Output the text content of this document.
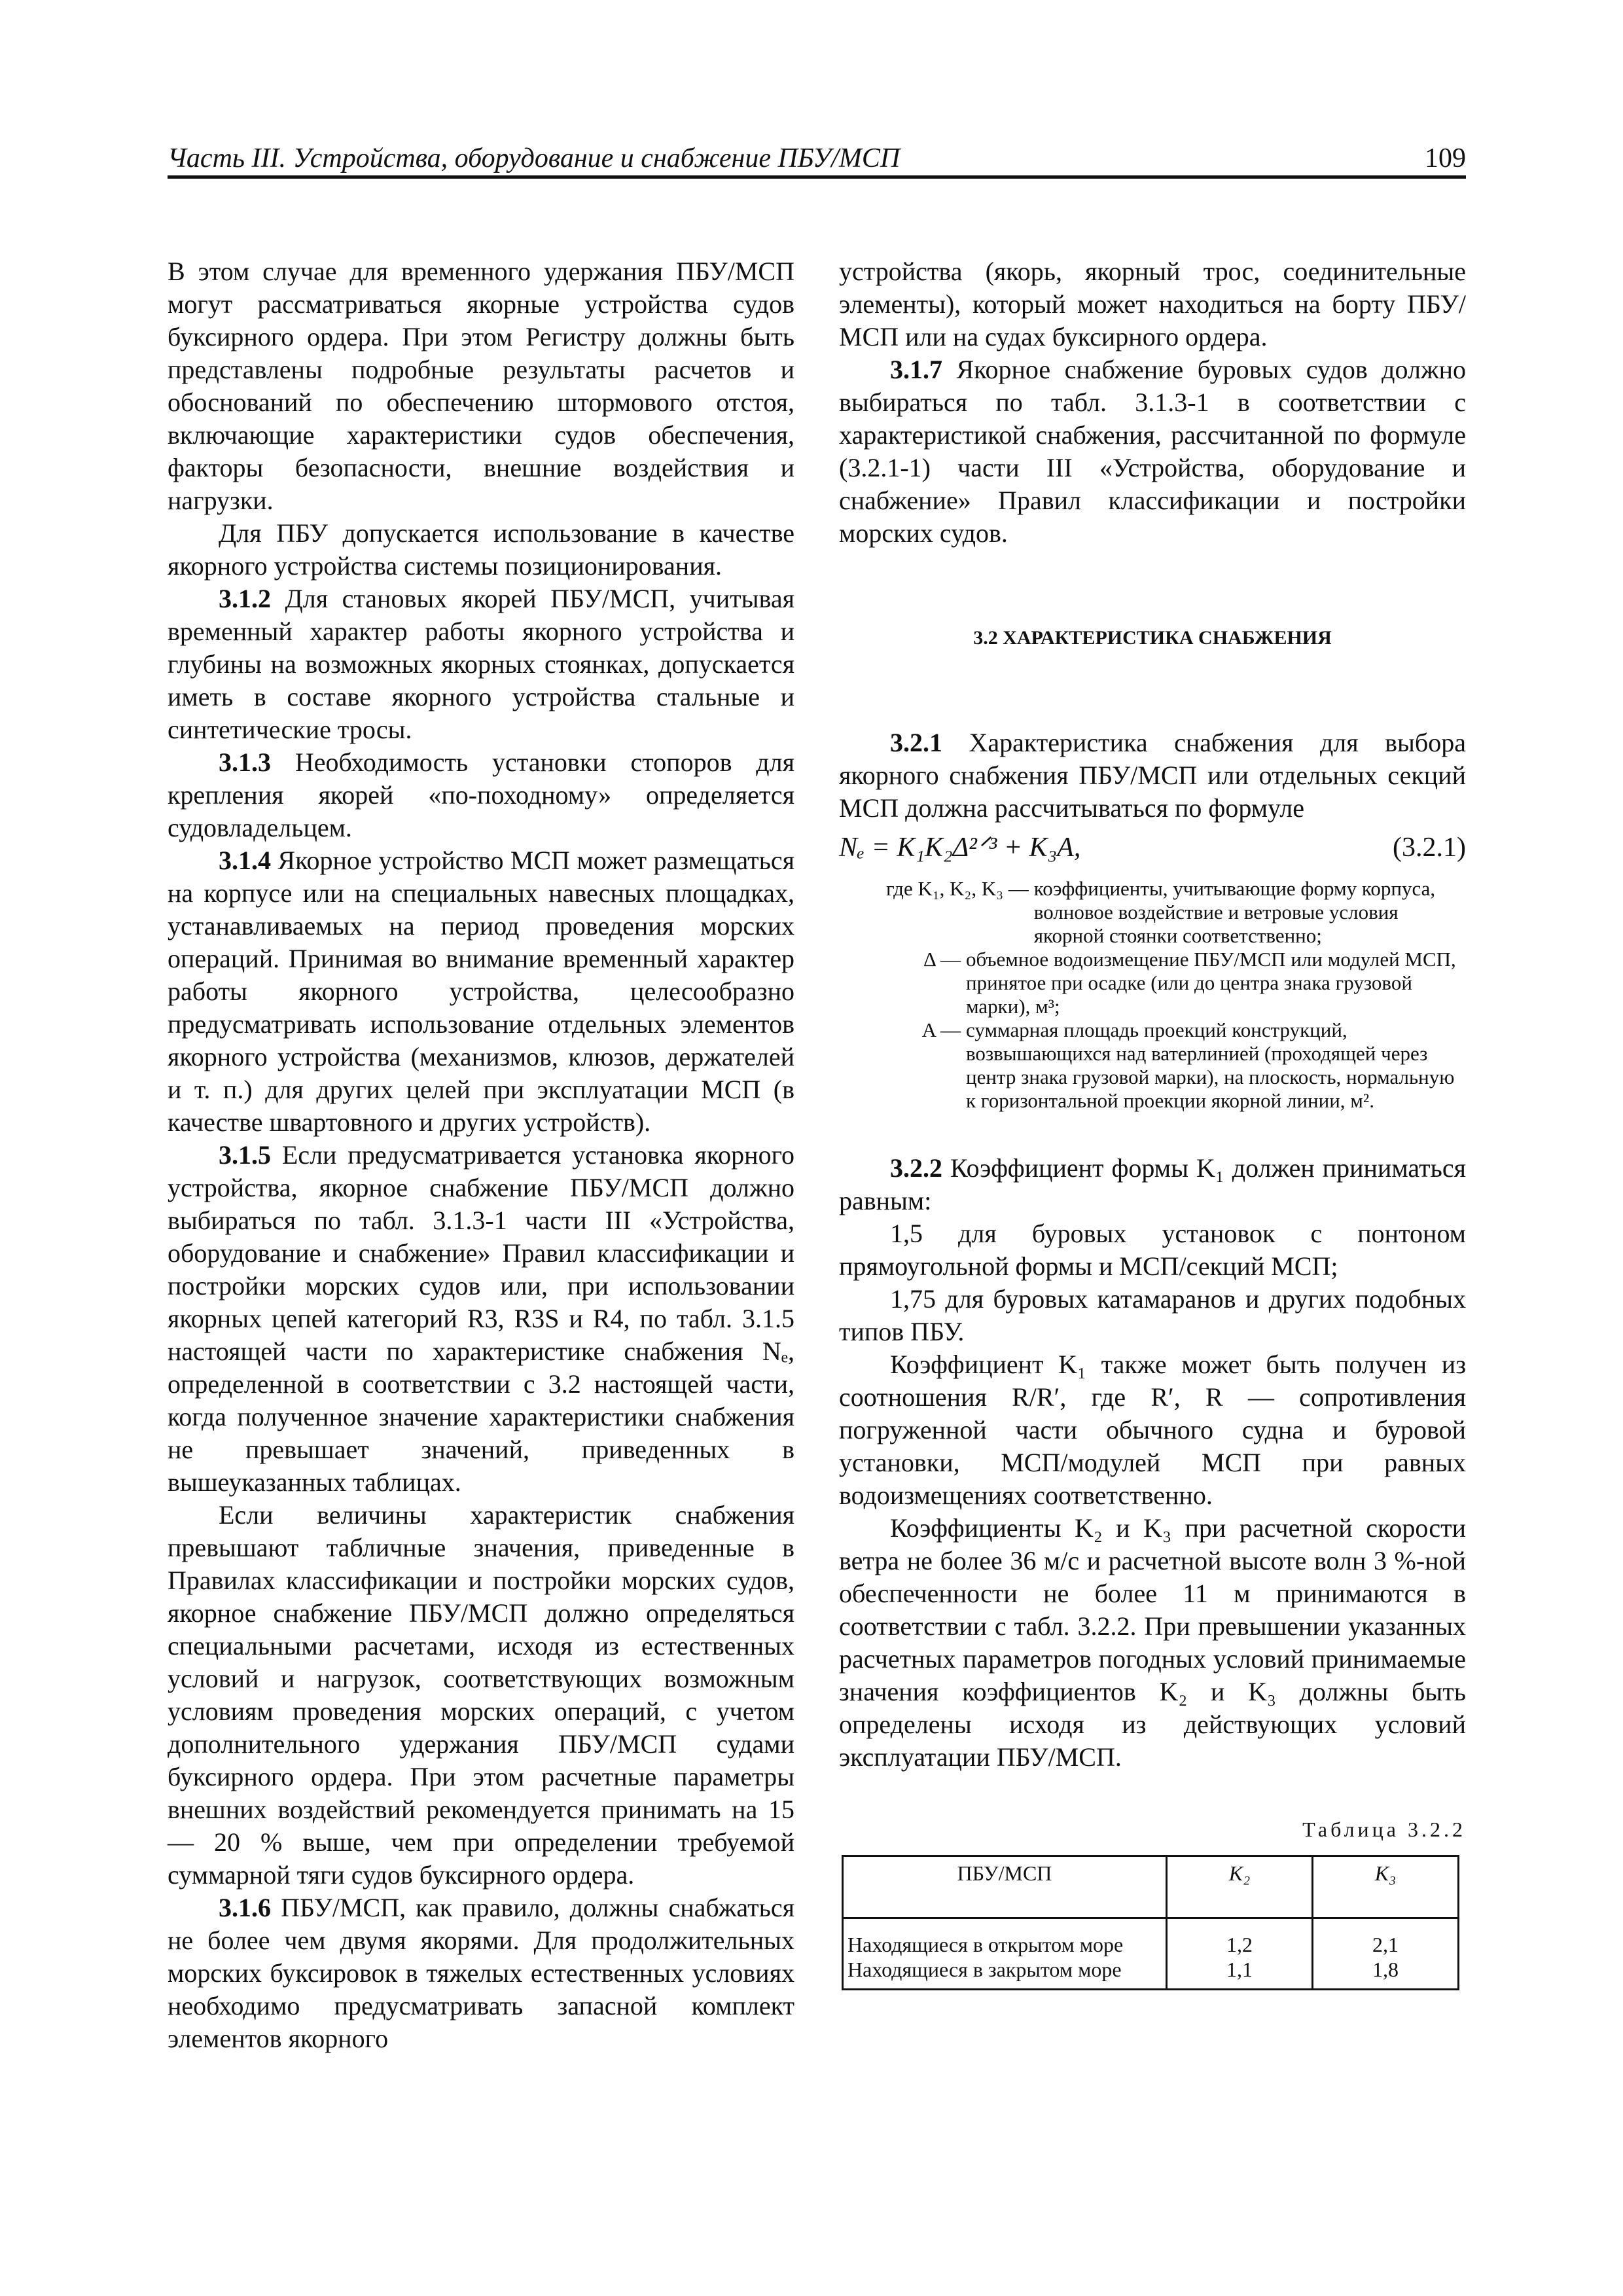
Часть III. Устройства, оборудование и снабжение ПБУ/МСП	109

В этом случае для временного удержания ПБУ/МСП могут рассматриваться якорные устройства судов буксирного ордера. При этом Регистру должны быть представлены подробные результаты расчетов и обоснований по обеспечению штормового отстоя, включающие характеристики судов обеспечения, факторы безопасности, внешние воздействия и нагрузки.

Для ПБУ допускается использование в качестве якорного устройства системы позиционирования.

3.1.2 Для становых якорей ПБУ/МСП, учитывая временный характер работы якорного устройства и глубины на возможных якорных стоянках, допускается иметь в составе якорного устройства стальные и синтетические тросы.

3.1.3 Необходимость установки стопоров для крепления якорей «по-походному» определяется судовладельцем.

3.1.4 Якорное устройство МСП может размещаться на корпусе или на специальных навесных площадках, устанавливаемых на период проведения морских операций. Принимая во внимание временный характер работы якорного устройства, целесообразно предусматривать использование отдельных элементов якорного устройства (механизмов, клюзов, держателей и т. п.) для других целей при эксплуатации МСП (в качестве швартовного и других устройств).

3.1.5 Если предусматривается установка якорного устройства, якорное снабжение ПБУ/МСП должно выбираться по табл. 3.1.3-1 части III «Устройства, оборудование и снабжение» Правил классификации и постройки морских судов или, при использовании якорных цепей категорий R3, R3S и R4, по табл. 3.1.5 настоящей части по характеристике снабжения Nₑ, определенной в соответствии с 3.2 настоящей части, когда полученное значение характеристики снабжения не превышает значений, приведенных в вышеуказанных таблицах.

Если величины характеристик снабжения превышают табличные значения, приведенные в Правилах классификации и постройки морских судов, якорное снабжение ПБУ/МСП должно определяться специальными расчетами, исходя из естественных условий и нагрузок, соответствующих возможным условиям проведения морских операций, с учетом дополнительного удержания ПБУ/МСП судами буксирного ордера. При этом расчетные параметры внешних воздействий рекомендуется принимать на 15 — 20 % выше, чем при определении требуемой суммарной тяги судов буксирного ордера.

3.1.6 ПБУ/МСП, как правило, должны снабжаться не более чем двумя якорями. Для продолжительных морских буксировок в тяжелых естественных условиях необходимо предусматривать запасной комплект элементов якорного

устройства (якорь, якорный трос, соединительные элементы), который может находиться на борту ПБУ/МСП или на судах буксирного ордера.

3.1.7 Якорное снабжение буровых судов должно выбираться по табл. 3.1.3-1 в соответствии с характеристикой снабжения, рассчитанной по формуле (3.2.1-1) части III «Устройства, оборудование и снабжение» Правил классификации и постройки морских судов.

3.2 ХАРАКТЕРИСТИКА СНАБЖЕНИЯ

3.2.1 Характеристика снабжения для выбора якорного снабжения ПБУ/МСП или отдельных секций МСП должна рассчитываться по формуле

Nₑ = K₁K₂Δ²ᐟ³ + K₃A,	(3.2.1)
где K₁, K₂, K₃ — коэффициенты, учитывающие форму корпуса, волновое воздействие и ветровые условия якорной стоянки соответственно;
Δ — объемное водоизмещение ПБУ/МСП или модулей МСП, принятое при осадке (или до центра знака грузовой марки), м³;
A — суммарная площадь проекций конструкций, возвышающихся над ватерлинией (проходящей через центр знака грузовой марки), на плоскость, нормальную к горизонтальной проекции якорной линии, м².

3.2.2 Коэффициент формы K₁ должен приниматься равным:

1,5 для буровых установок с понтоном прямоугольной формы и МСП/секций МСП;

1,75 для буровых катамаранов и других подобных типов ПБУ.

Коэффициент K₁ также может быть получен из соотношения R/R′, где R′, R — сопротивления погруженной части обычного судна и буровой установки, МСП/модулей МСП при равных водоизмещениях соответственно.

Коэффициенты K₂ и K₃ при расчетной скорости ветра не более 36 м/с и расчетной высоте волн 3 %-ной обеспеченности не более 11 м принимаются в соответствии с табл. 3.2.2. При превышении указанных расчетных параметров погодных условий принимаемые значения коэффициентов K₂ и K₃ должны быть определены исходя из действующих условий эксплуатации ПБУ/МСП.

Таблица 3.2.2
ПБУ/МСП	K₂	K₃
Находящиеся в открытом море	1,2	2,1
Находящиеся в закрытом море	1,1	1,8
